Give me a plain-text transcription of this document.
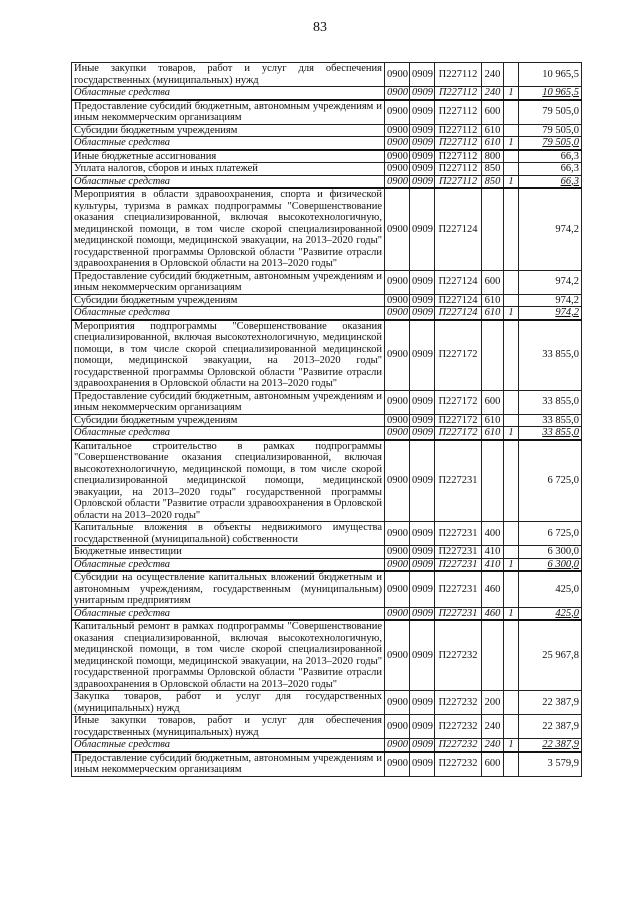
83
Иные закупки товаров, работ и услуг для обеспечения государственных (муниципальных) нужд	0900	0909	П227112	240		10 965,5
Областные средства	0900	0909	П227112	240	1	10 965,5
Предоставление субсидий бюджетным, автономным учреждениям и иным некоммерческим организациям	0900	0909	П227112	600		79 505,0
Субсидии бюджетным учреждениям	0900	0909	П227112	610		79 505,0
Областные средства	0900	0909	П227112	610	1	79 505,0
Иные бюджетные ассигнования	0900	0909	П227112	800		66,3
Уплата налогов, сборов и иных платежей	0900	0909	П227112	850		66,3
Областные средства	0900	0909	П227112	850	1	66,3
Мероприятия в области здравоохранения, спорта и физической культуры, туризма в рамках подпрограммы "Совершенствование оказания специализированной, включая высокотехнологичную, медицинской помощи, в том числе скорой специализированной медицинской помощи, медицинской эвакуации, на 2013–2020 годы" государственной программы Орловской области "Развитие отрасли здравоохранения в Орловской области на 2013–2020 годы"	0900	0909	П227124			974,2
Предоставление субсидий бюджетным, автономным учреждениям и иным некоммерческим организациям	0900	0909	П227124	600		974,2
Субсидии бюджетным учреждениям	0900	0909	П227124	610		974,2
Областные средства	0900	0909	П227124	610	1	974,2
Мероприятия подпрограммы "Совершенствование оказания специализированной, включая высокотехнологичную, медицинской помощи, в том числе скорой специализированной медицинской помощи, медицинской эвакуации, на 2013–2020 годы" государственной программы Орловской области "Развитие отрасли здравоохранения в Орловской области на 2013–2020 годы"	0900	0909	П227172			33 855,0
Предоставление субсидий бюджетным, автономным учреждениям и иным некоммерческим организациям	0900	0909	П227172	600		33 855,0
Субсидии бюджетным учреждениям	0900	0909	П227172	610		33 855,0
Областные средства	0900	0909	П227172	610	1	33 855,0
Капитальное строительство в рамках подпрограммы "Совершенствование оказания специализированной, включая высокотехнологичную, медицинской помощи, в том числе скорой специализированной медицинской помощи, медицинской эвакуации, на 2013–2020 годы" государственной программы Орловской области "Развитие отрасли здравоохранения в Орловской области на 2013–2020 годы"	0900	0909	П227231			6 725,0
Капитальные вложения в объекты недвижимого имущества государственной (муниципальной) собственности	0900	0909	П227231	400		6 725,0
Бюджетные инвестиции	0900	0909	П227231	410		6 300,0
Областные средства	0900	0909	П227231	410	1	6 300,0
Субсидии на осуществление капитальных вложений бюджетным и автономным учреждениям, государственным (муниципальным) унитарным предприятиям	0900	0909	П227231	460		425,0
Областные средства	0900	0909	П227231	460	1	425,0
Капитальный ремонт в рамках подпрограммы "Совершенствование оказания специализированной, включая высокотехнологичную, медицинской помощи, в том числе скорой специализированной медицинской помощи, медицинской эвакуации, на 2013–2020 годы" государственной программы Орловской области "Развитие отрасли здравоохранения в Орловской области на 2013–2020 годы"	0900	0909	П227232			25 967,8
Закупка товаров, работ и услуг для государственных (муниципальных) нужд	0900	0909	П227232	200		22 387,9
Иные закупки товаров, работ и услуг для обеспечения государственных (муниципальных) нужд	0900	0909	П227232	240		22 387,9
Областные средства	0900	0909	П227232	240	1	22 387,9
Предоставление субсидий бюджетным, автономным учреждениям и иным некоммерческим организациям	0900	0909	П227232	600		3 579,9
